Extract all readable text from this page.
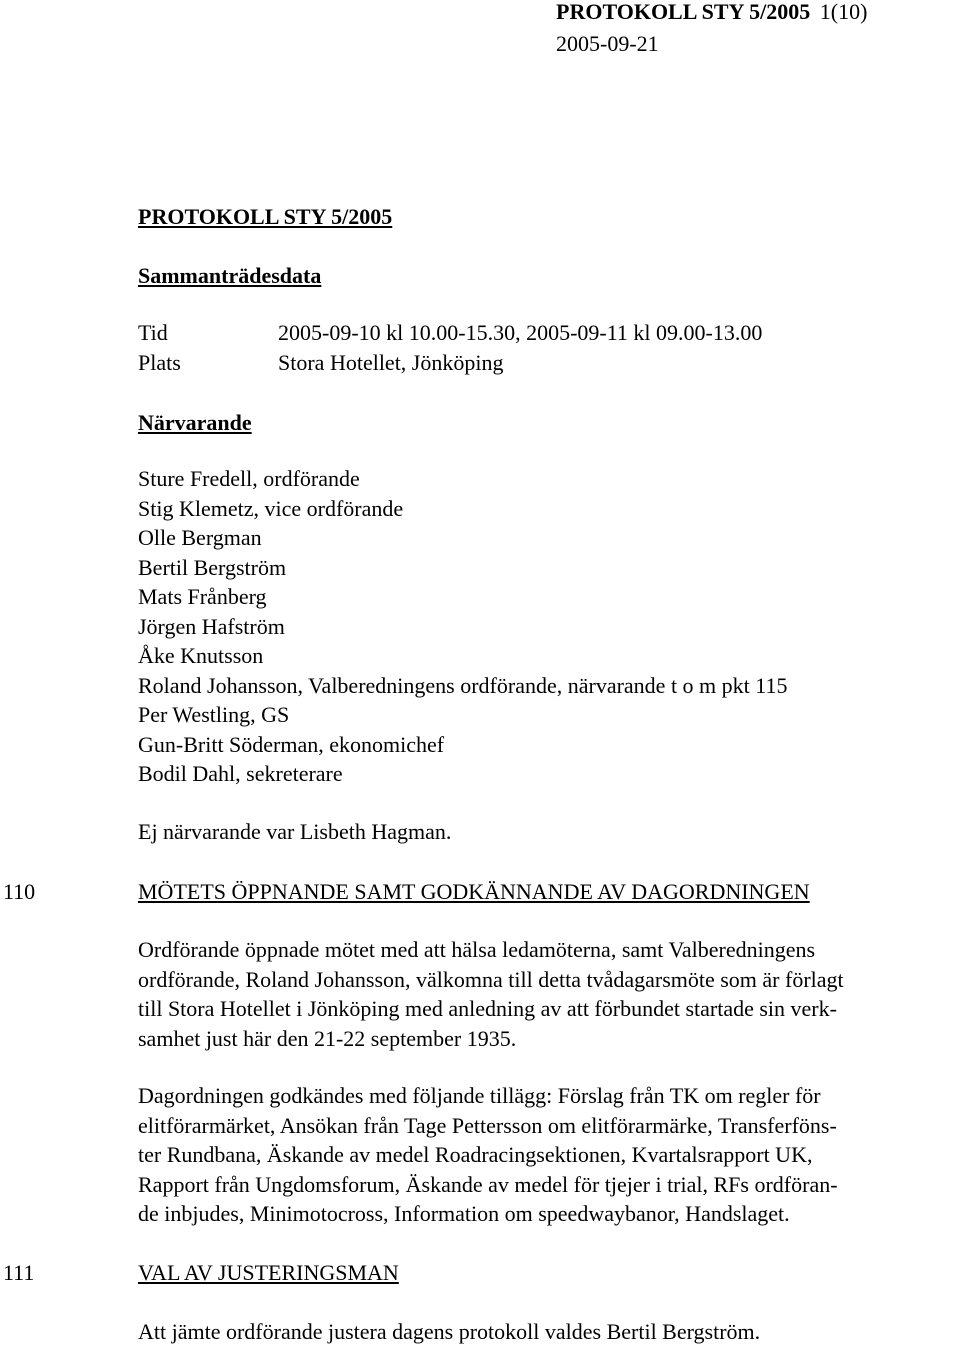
PROTOKOLL STY 5/2005 1(10)
2005-09-21
PROTOKOLL STY 5/2005
Sammanträdesdata
Tid	2005-09-10 kl 10.00-15.30, 2005-09-11 kl 09.00-13.00
Plats	Stora Hotellet, Jönköping
Närvarande
Sture Fredell, ordförande
Stig Klemetz, vice ordförande
Olle Bergman
Bertil Bergström
Mats Frånberg
Jörgen Hafström
Åke Knutsson
Roland Johansson, Valberedningens ordförande, närvarande t o m pkt 115
Per Westling, GS
Gun-Britt Söderman, ekonomichef
Bodil Dahl, sekreterare
Ej närvarande var Lisbeth Hagman.
110	MÖTETS ÖPPNANDE SAMT GODKÄNNANDE AV DAGORDNINGEN

Ordförande öppnade mötet med att hälsa ledamöterna, samt Valberedningens
ordförande, Roland Johansson, välkomna till detta tvådagarsmöte som är förlagt
till Stora Hotellet i Jönköping med anledning av att förbundet startade sin verk-
samhet just här den 21-22 september 1935.

Dagordningen godkändes med följande tillägg: Förslag från TK om regler för
elitförarmärket, Ansökan från Tage Pettersson om elitförarmärke, Transferföns-
ter Rundbana, Äskande av medel Roadracingsektionen, Kvartalsrapport UK,
Rapport från Ungdomsforum, Äskande av medel för tjejer i trial, RFs ordföran-
de inbjudes, Minimotocross, Information om speedwaybanor, Handslaget.

111	VAL AV JUSTERINGSMAN

Att jämte ordförande justera dagens protokoll valdes Bertil Bergström.
